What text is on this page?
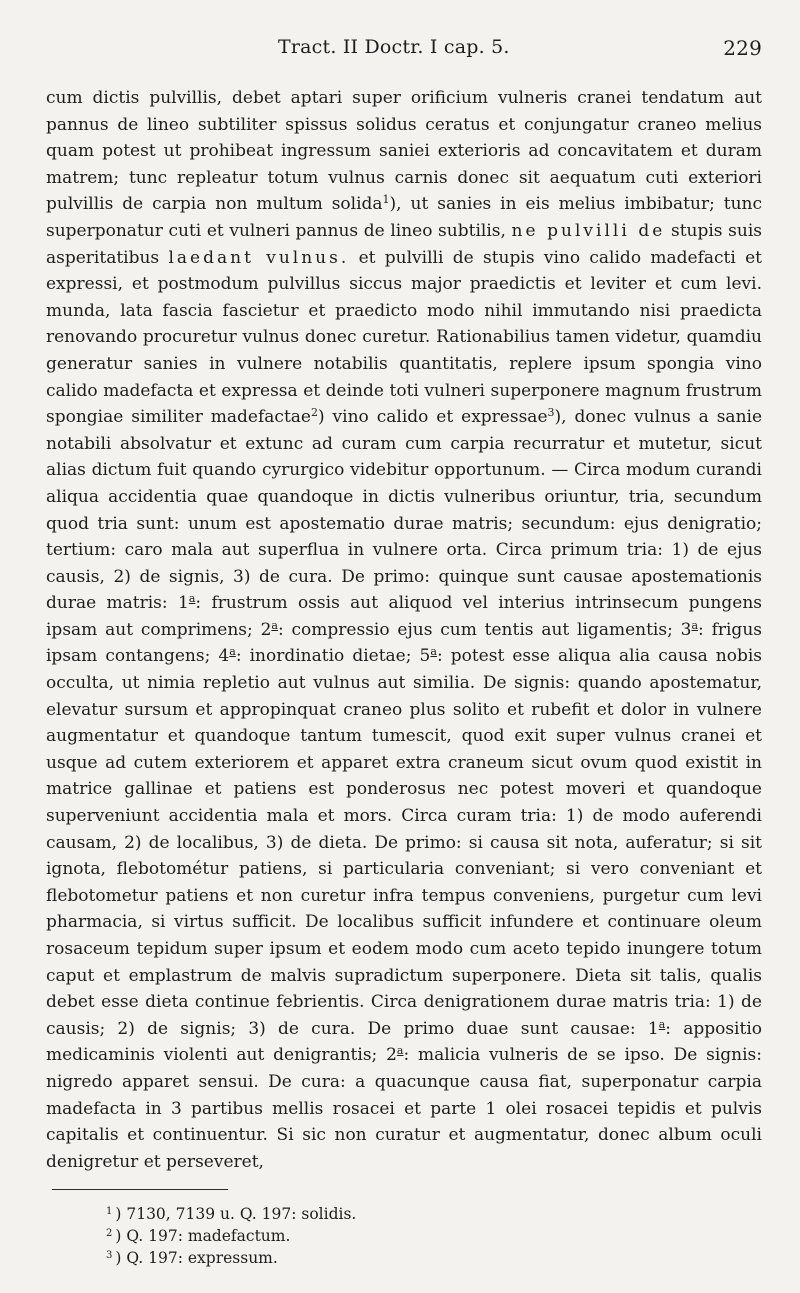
Tract. II Doctr. I cap. 5.	229

cum dictis pulvillis, debet aptari super orificium vulneris cranei tendatum aut pannus de lineo subtiliter spissus solidus ceratus et conjungatur craneo melius quam potest ut prohibeat ingressum saniei exterioris ad concavitatem et duram matrem; tunc repleatur totum vulnus carnis donec sit aequatum cuti exteriori pulvillis de carpia non multum solida$^1$), ut sanies in eis melius imbibatur; tunc superponatur cuti et vulneri pannus de lineo subtilis, ne pulvilli de stupis suis asperitatibus laedant vulnus. et pulvilli de stupis vino calido madefacti et expressi, et postmodum pulvillus siccus major praedictis et leviter et cum levi. munda, lata fascia fascietur et praedicto modo nihil immutando nisi praedicta renovando procuretur vulnus donec curetur. Rationabilius tamen videtur, quamdiu generatur sanies in vulnere notabilis quantitatis, replere ipsum spongia vino calido madefacta et expressa et deinde toti vulneri superponere magnum frustrum spongiae similiter madefactae$^2$) vino calido et expressae$^3$), donec vulnus a sanie notabili absolvatur et extunc ad curam cum carpia recurratur et mutetur, sicut alias dictum fuit quando cyrurgico videbitur opportunum. — Circa modum curandi aliqua accidentia quae quandoque in dictis vulneribus oriuntur, tria, secundum quod tria sunt: unum est apostematio durae matris; secundum: ejus denigratio; tertium: caro mala aut superflua in vulnere orta. Circa primum tria: 1) de ejus causis, 2) de signis, 3) de cura. De primo: quinque sunt causae apostemationis durae matris: 1$^a$: frustrum ossis aut aliquod vel interius intrinsecum pungens ipsam aut comprimens; 2$^a$: compressio ejus cum tentis aut ligamentis; 3$^a$: frigus ipsam contangens; 4$^a$: inordinatio dietae; 5$^a$: potest esse aliqua alia causa nobis occulta, ut nimia repletio aut vulnus aut similia. De signis: quando apostematur, elevatur sursum et appropinquat craneo plus solito et rubefit et dolor in vulnere augmentatur et quandoque tantum tumescit, quod exit super vulnus cranei et usque ad cutem exteriorem et apparet extra craneum sicut ovum quod existit in matrice gallinae et patiens est ponderosus nec potest moveri et quandoque superveniunt accidentia mala et mors. Circa curam tria: 1) de modo auferendi causam, 2) de localibus, 3) de dieta. De primo: si causa sit nota, auferatur; si sit ignota, flebotométur patiens, si particularia conveniant; si vero conveniant et flebotometur patiens et non curetur infra tempus conveniens, purgetur cum levi pharmacia, si virtus sufficit. De localibus sufficit infundere et continuare oleum rosaceum tepidum super ipsum et eodem modo cum aceto tepido inungere totum caput et emplastrum de malvis supradictum superponere. Dieta sit talis, qualis debet esse dieta continue febrientis. Circa denigrationem durae matris tria: 1) de causis; 2) de signis; 3) de cura. De primo duae sunt causae: 1$^a$: appositio medicaminis violenti aut denigrantis; 2$^a$: malicia vulneris de se ipso. De signis: nigredo apparet sensui. De cura: a quacunque causa fiat, superponatur carpia madefacta in 3 partibus mellis rosacei et parte 1 olei rosacei tepidis et pulvis capitalis et continuentur. Si sic non curatur et augmentatur, donec album oculi denigretur et perseveret,

$^1$ ) 7130, 7139 u. Q. 197: solidis.
$^2$ ) Q. 197: madefactum.
$^3$ ) Q. 197: expressum.
